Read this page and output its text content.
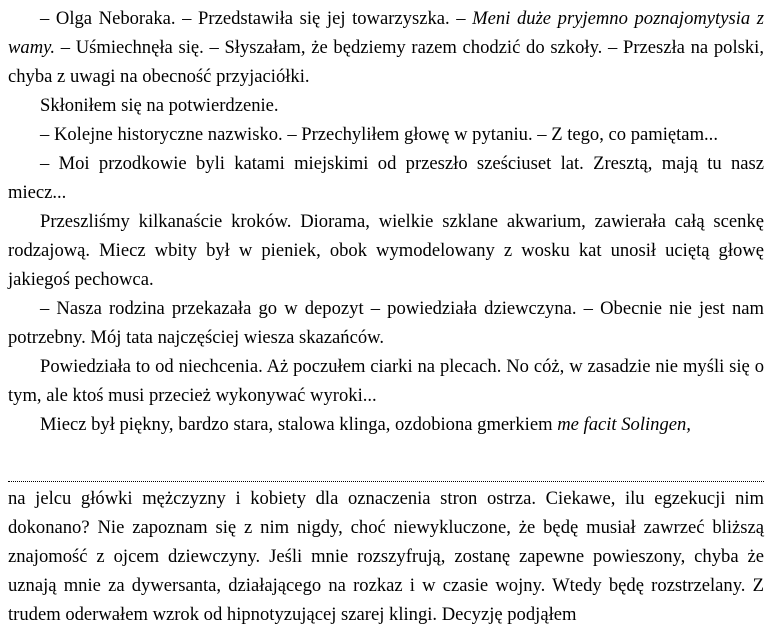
– Olga Neboraka. – Przedstawiła się jej towarzyszka. – Meni duże pryjemno poznajomytysia z wamy. – Uśmiechnęła się. – Słyszałam, że będziemy razem chodzić do szkoły. – Przeszła na polski, chyba z uwagi na obecność przyjaciółki.

Skłoniłem się na potwierdzenie.

– Kolejne historyczne nazwisko. – Przechyliłem głowę w pytaniu. – Z tego, co pamiętam...

– Moi przodkowie byli katami miejskimi od przeszło sześciuset lat. Zresztą, mają tu nasz miecz...

Przeszliśmy kilkanaście kroków. Diorama, wielkie szklane akwarium, zawierała całą scenkę rodzajową. Miecz wbity był w pieniek, obok wymodelowany z wosku kat unosił uciętą głowę jakiegoś pechowca.

– Nasza rodzina przekazała go w depozyt – powiedziała dziewczyna. – Obecnie nie jest nam potrzebny. Mój tata najczęściej wiesza skazańców.

Powiedziała to od niechcenia. Aż poczułem ciarki na plecach. No cóż, w zasadzie nie myśli się o tym, ale ktoś musi przecież wykonywać wyroki...

Miecz był piękny, bardzo stara, stalowa klinga, ozdobiona gmerkiem me facit Solingen,

na jelcu główki mężczyzny i kobiety dla oznaczenia stron ostrza. Ciekawe, ilu egzekucji nim dokonano? Nie zapoznam się z nim nigdy, choć niewykluczone, że będę musiał zawrzeć bliższą znajomość z ojcem dziewczyny. Jeśli mnie rozszyfrują, zostanę zapewne powieszony, chyba że uznają mnie za dywersanta, działającego na rozkaz i w czasie wojny. Wtedy będę rozstrzelany. Z trudem oderwałem wzrok od hipnotyzującej szarej klingi. Decyzję podjąłem
